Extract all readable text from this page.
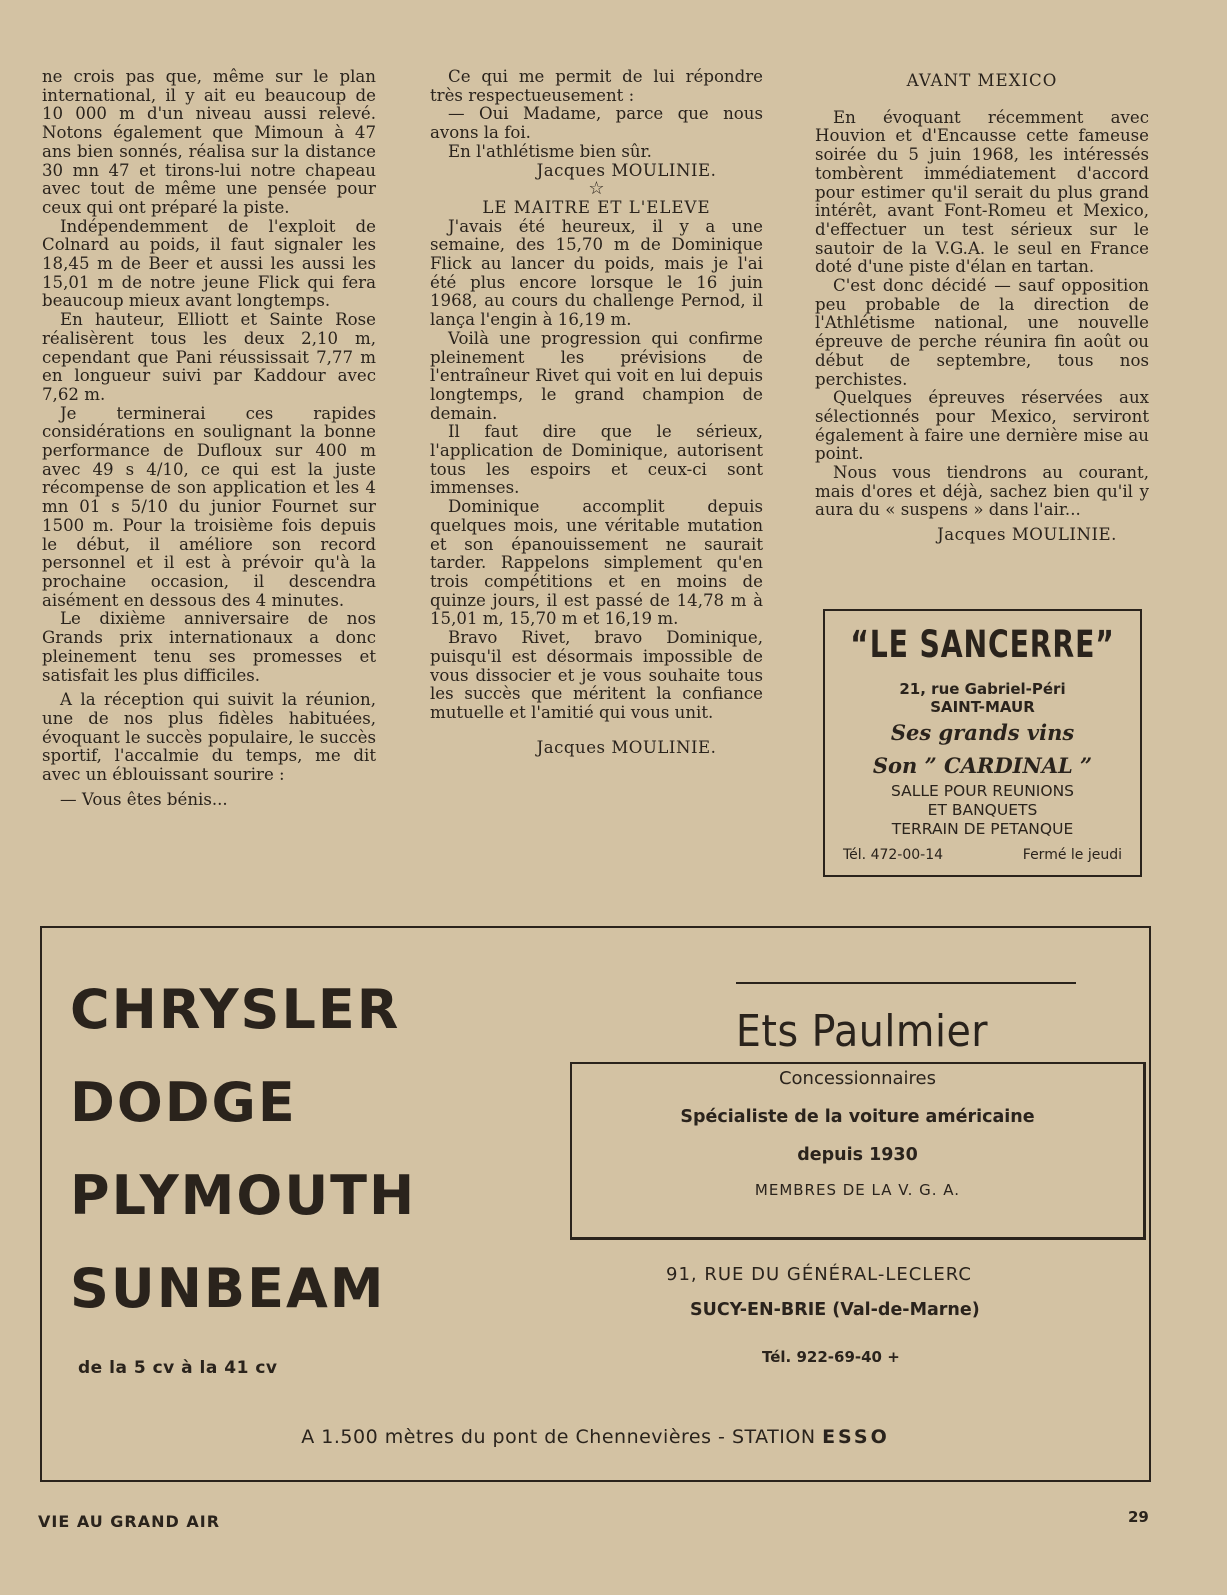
ne crois pas que, même sur le plan international, il y ait eu beaucoup de 10 000 m d'un niveau aussi relevé. Notons également que Mimoun à 47 ans bien sonnés, réalisa sur la distance 30 mn 47 et tirons-lui notre chapeau avec tout de même une pensée pour ceux qui ont préparé la piste.

Indépendemment de l'exploit de Colnard au poids, il faut signaler les 18,45 m de Beer et aussi les aussi les 15,01 m de notre jeune Flick qui fera beaucoup mieux avant longtemps.

En hauteur, Elliott et Sainte Rose réalisèrent tous les deux 2,10 m, cependant que Pani réussissait 7,77 m en longueur suivi par Kaddour avec 7,62 m.

Je terminerai ces rapides considérations en soulignant la bonne performance de Dufloux sur 400 m avec 49 s 4/10, ce qui est la juste récompense de son application et les 4 mn 01 s 5/10 du junior Fournet sur 1500 m. Pour la troisième fois depuis le début, il améliore son record personnel et il est à prévoir qu'à la prochaine occasion, il descendra aisément en dessous des 4 minutes.

Le dixième anniversaire de nos Grands prix internationaux a donc pleinement tenu ses promesses et satisfait les plus difficiles.

A la réception qui suivit la réunion, une de nos plus fidèles habituées, évoquant le succès populaire, le succès sportif, l'accalmie du temps, me dit avec un éblouissant sourire :

— Vous êtes bénis...

Ce qui me permit de lui répondre très respectueusement :

— Oui Madame, parce que nous avons la foi.

En l'athlétisme bien sûr.

Jacques MOULINIE.

☆

LE MAITRE ET L'ELEVE

J'avais été heureux, il y a une semaine, des 15,70 m de Dominique Flick au lancer du poids, mais je l'ai été plus encore lorsque le 16 juin 1968, au cours du challenge Pernod, il lança l'engin à 16,19 m.

Voilà une progression qui confirme pleinement les prévisions de l'entraîneur Rivet qui voit en lui depuis longtemps, le grand champion de demain.

Il faut dire que le sérieux, l'application de Dominique, autorisent tous les espoirs et ceux-ci sont immenses.

Dominique accomplit depuis quelques mois, une véritable mutation et son épanouissement ne saurait tarder. Rappelons simplement qu'en trois compétitions et en moins de quinze jours, il est passé de 14,78 m à 15,01 m, 15,70 m et 16,19 m.

Bravo Rivet, bravo Dominique, puisqu'il est désormais impossible de vous dissocier et je vous souhaite tous les succès que méritent la confiance mutuelle et l'amitié qui vous unit.

Jacques MOULINIE.

AVANT MEXICO

En évoquant récemment avec Houvion et d'Encausse cette fameuse soirée du 5 juin 1968, les intéressés tombèrent immédiatement d'accord pour estimer qu'il serait du plus grand intérêt, avant Font-Romeu et Mexico, d'effectuer un test sérieux sur le sautoir de la V.G.A. le seul en France doté d'une piste d'élan en tartan.

C'est donc décidé — sauf opposition peu probable de la direction de l'Athlétisme national, une nouvelle épreuve de perche réunira fin août ou début de septembre, tous nos perchistes.

Quelques épreuves réservées aux sélectionnés pour Mexico, serviront également à faire une dernière mise au point.

Nous vous tiendrons au courant, mais d'ores et déjà, sachez bien qu'il y aura du « suspens » dans l'air...

Jacques MOULINIE.

“LE SANCERRE”
21, rue Gabriel-Péri
SAINT-MAUR
Ses grands vins
Son ” CARDINAL ”
SALLE POUR REUNIONS
ET BANQUETS
TERRAIN DE PETANQUE
Tél. 472-00-14	Fermé le jeudi
CHRYSLER
DODGE
PLYMOUTH
SUNBEAM
de la 5 cv à la 41 cv
Ets Paulmier
Concessionnaires
Spécialiste de la voiture américaine
depuis 1930
MEMBRES DE LA V. G. A.
91, RUE DU GÉNÉRAL-LECLERC
SUCY-EN-BRIE (Val-de-Marne)
Tél. 922-69-40 +
A 1.500 mètres du pont de Chennevières - STATION ESSO
VIE AU GRAND AIR	29
